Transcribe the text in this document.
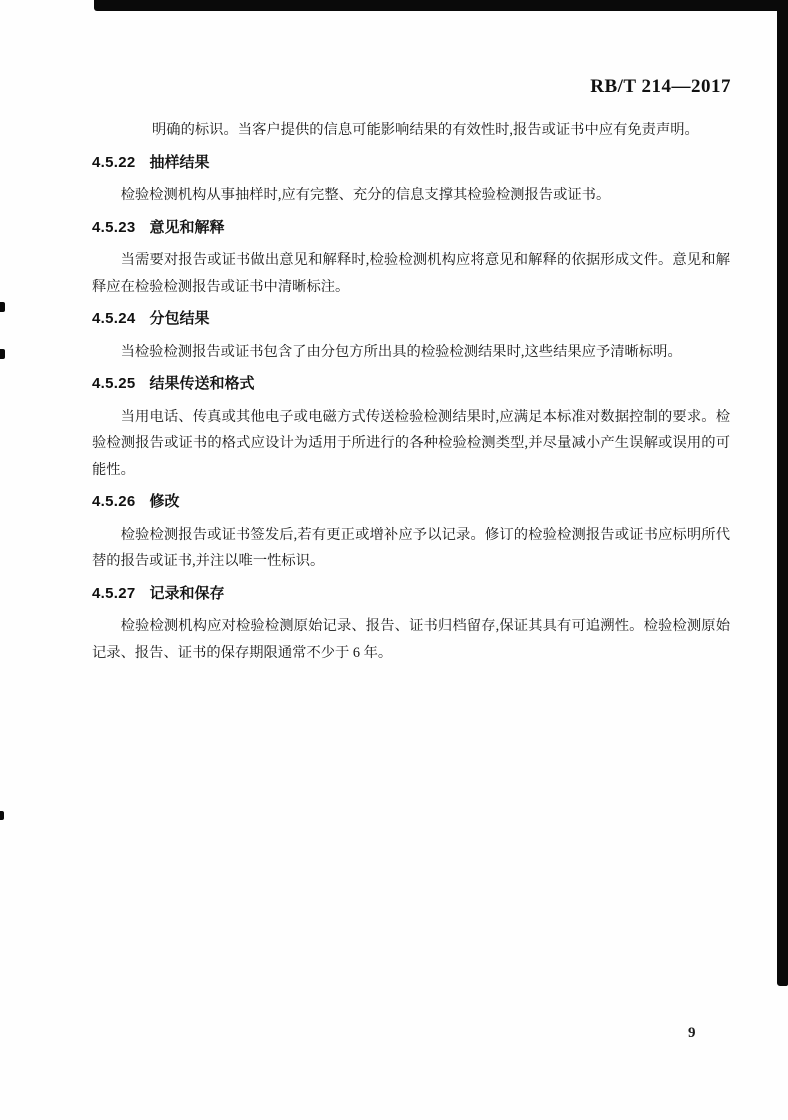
RB/T 214—2017

明确的标识。当客户提供的信息可能影响结果的有效性时,报告或证书中应有免责声明。

4.5.22 抽样结果

检验检测机构从事抽样时,应有完整、充分的信息支撑其检验检测报告或证书。

4.5.23 意见和解释

当需要对报告或证书做出意见和解释时,检验检测机构应将意见和解释的依据形成文件。意见和解释应在检验检测报告或证书中清晰标注。

4.5.24 分包结果

当检验检测报告或证书包含了由分包方所出具的检验检测结果时,这些结果应予清晰标明。

4.5.25 结果传送和格式

当用电话、传真或其他电子或电磁方式传送检验检测结果时,应满足本标准对数据控制的要求。检验检测报告或证书的格式应设计为适用于所进行的各种检验检测类型,并尽量减小产生误解或误用的可能性。

4.5.26 修改

检验检测报告或证书签发后,若有更正或增补应予以记录。修订的检验检测报告或证书应标明所代替的报告或证书,并注以唯一性标识。

4.5.27 记录和保存

检验检测机构应对检验检测原始记录、报告、证书归档留存,保证其具有可追溯性。检验检测原始记录、报告、证书的保存期限通常不少于 6 年。

9
